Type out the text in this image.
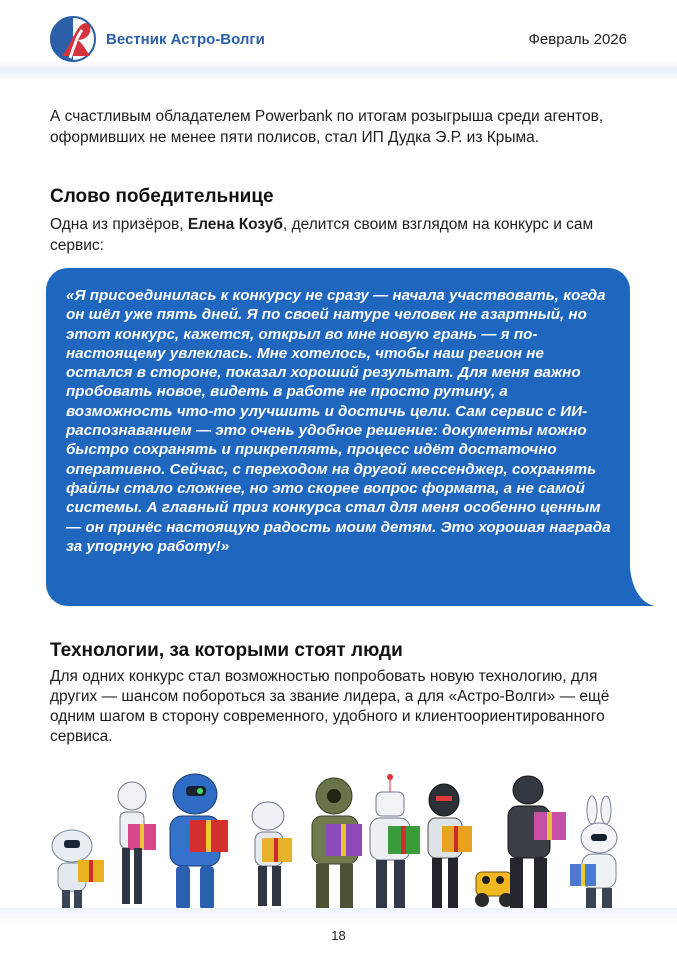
Вестник Астро-Волги	Февраль 2026

А счастливым обладателем Powerbank по итогам розыгрыша среди агентов, оформивших не менее пяти полисов, стал ИП Дудка Э.Р. из Крыма.

Слово победительнице

Одна из призёров, Елена Козуб, делится своим взглядом на конкурс и сам сервис:

«Я присоединилась к конкурсу не сразу — начала участвовать, когда он шёл уже пять дней. Я по своей натуре человек не азартный, но этот конкурс, кажется, открыл во мне новую грань — я по-настоящему увлеклась. Мне хотелось, чтобы наш регион не остался в стороне, показал хороший результат. Для меня важно пробовать новое, видеть в работе не просто рутину, а возможность что-то улучшить и достичь цели. Сам сервис с ИИ-распознаванием — это очень удобное решение: документы можно быстро сохранять и прикреплять, процесс идёт достаточно оперативно. Сейчас, с переходом на другой мессенджер, сохранять файлы стало сложнее, но это скорее вопрос формата, а не самой системы. А главный приз конкурса стал для меня особенно ценным — он принёс настоящую радость моим детям. Это хорошая награда за упорную работу!»
Технологии, за которыми стоят люди

Для одних конкурс стал возможностью попробовать новую технологию, для других — шансом побороться за звание лидера, а для «Астро-Волги» — ещё одним шагом в сторону современного, удобного и клиентоориентированного сервиса.

18
